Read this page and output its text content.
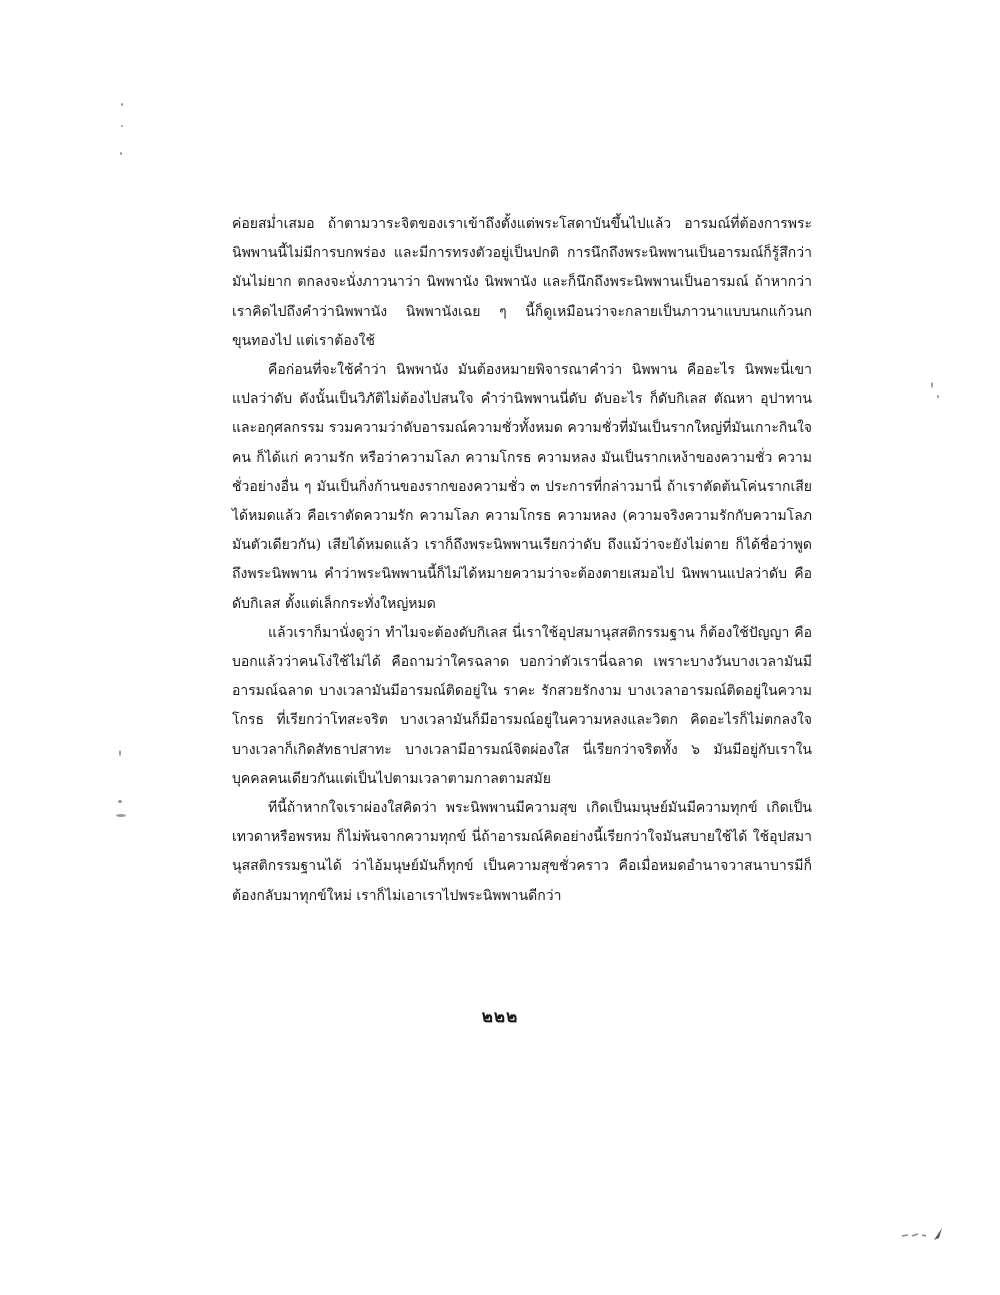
ค่อยสม่ำเสมอ ถ้าตามวาระจิตของเราเข้าถึงตั้งแต่พระโสดาบันขึ้นไปแล้ว อารมณ์ที่ต้องการพระนิพพานนี้ไม่มีการบกพร่อง และมีการทรงตัวอยู่เป็นปกติ การนึกถึงพระนิพพานเป็นอารมณ์ก็รู้สึกว่ามันไม่ยาก ตกลงจะนั่งภาวนาว่า นิพพานัง นิพพานัง และก็นึกถึงพระนิพพานเป็นอารมณ์ ถ้าหากว่าเราคิดไปถึงคำว่านิพพานัง นิพพานังเฉย ๆ นี้ก็ดูเหมือนว่าจะกลายเป็นภาวนาแบบนกแก้วนกขุนทองไป แต่เราต้องใช้

คือก่อนที่จะใช้คำว่า นิพพานัง มันต้องหมายพิจารณาคำว่า นิพพาน คืออะไร นิพพะนี่เขาแปลว่าดับ ดังนั้นเป็นวิภัติไม่ต้องไปสนใจ คำว่านิพพานนี่ดับ ดับอะไร ก็ดับกิเลส ตัณหา อุปาทานและอกุศลกรรม รวมความว่าดับอารมณ์ความชั่วทั้งหมด ความชั่วที่มันเป็นรากใหญ่ที่มันเกาะกินใจคน ก็ได้แก่ ความรัก หรือว่าความโลภ ความโกรธ ความหลง มันเป็นรากเหง้าของความชั่ว ความชั่วอย่างอื่น ๆ มันเป็นกิ่งก้านของรากของความชั่ว ๓ ประการที่กล่าวมานี่ ถ้าเราตัดต้นโค่นรากเสียได้หมดแล้ว คือเราตัดความรัก ความโลภ ความโกรธ ความหลง (ความจริงความรักกับความโลภมันตัวเดียวกัน) เสียได้หมดแล้ว เราก็ถึงพระนิพพานเรียกว่าดับ ถึงแม้ว่าจะยังไม่ตาย ก็ได้ชื่อว่าพูดถึงพระนิพพาน คำว่าพระนิพพานนี้ก็ไม่ได้หมายความว่าจะต้องตายเสมอไป นิพพานแปลว่าดับ คือ ดับกิเลส ตั้งแต่เล็กกระทั่งใหญ่หมด

แล้วเราก็มานั่งดูว่า ทำไมจะต้องดับกิเลส นี่เราใช้อุปสมานุสสติกรรมฐาน ก็ต้องใช้ปัญญา คือบอกแล้วว่าคนโง่ใช้ไม่ได้ คือถามว่าใครฉลาด บอกว่าตัวเรานี่ฉลาด เพราะบางวันบางเวลามันมีอารมณ์ฉลาด บางเวลามันมีอารมณ์ติดอยู่ใน ราคะ รักสวยรักงาม บางเวลาอารมณ์ติดอยู่ในความโกรธ ที่เรียกว่าโทสะจริต บางเวลามันก็มีอารมณ์อยู่ในความหลงและวิตก คิดอะไรก็ไม่ตกลงใจ บางเวลาก็เกิดสัทธาปสาทะ บางเวลามีอารมณ์จิตผ่องใส นี่เรียกว่าจริตทั้ง ๖ มันมีอยู่กับเราในบุคคลคนเดียวกันแต่เป็นไปตามเวลาตามกาลตามสมัย

ทีนี้ถ้าหากใจเราผ่องใสคิดว่า พระนิพพานมีความสุข เกิดเป็นมนุษย์มันมีความทุกข์ เกิดเป็นเทวดาหรือพรหม ก็ไม่พ้นจากความทุกข์ นี่ถ้าอารมณ์คิดอย่างนี้เรียกว่าใจมันสบายใช้ได้ ใช้อุปสมานุสสติกรรมฐานได้ ว่าไอ้มนุษย์มันก็ทุกข์ เป็นความสุขชั่วคราว คือเมื่อหมดอำนาจวาสนาบารมีก็ต้องกลับมาทุกข์ใหม่ เราก็ไม่เอาเราไปพระนิพพานดีกว่า

๒๒๒
